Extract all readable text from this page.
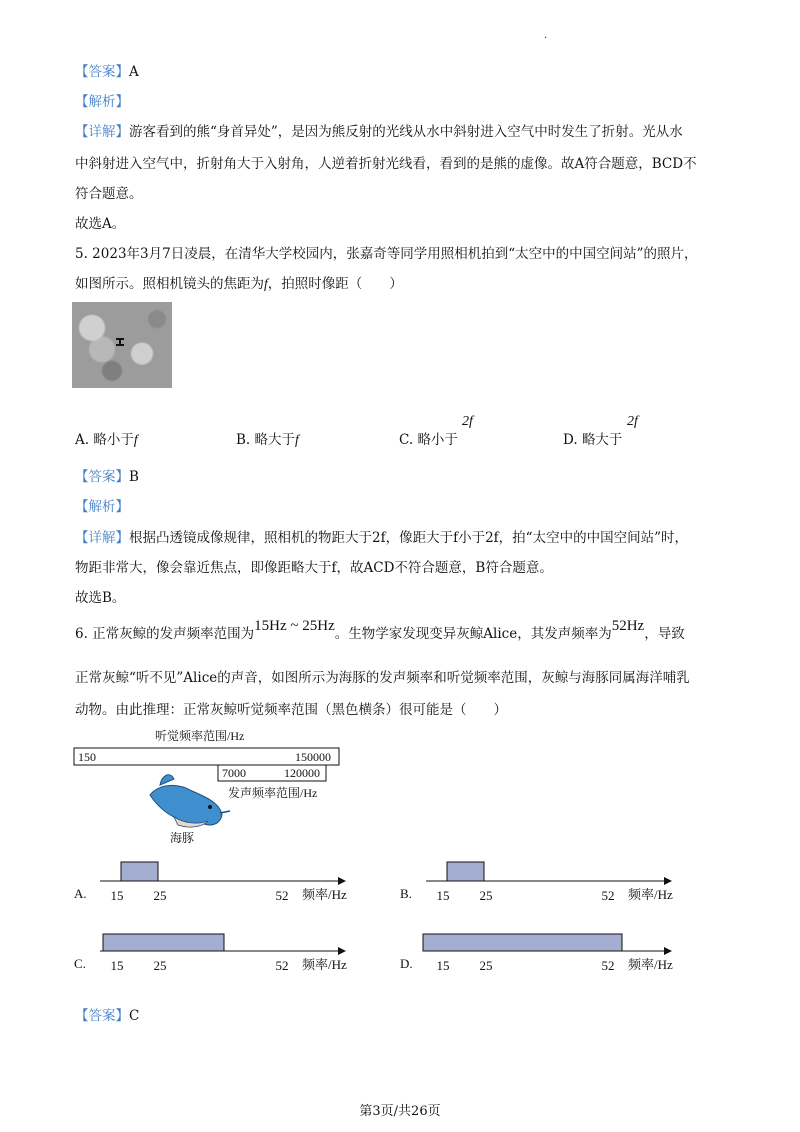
.
【答案】A
【解析】
【详解】游客看到的熊“身首异处”，是因为熊反射的光线从水中斜射进入空气中时发生了折射。光从水
中斜射进入空气中，折射角大于入射角，人逆着折射光线看，看到的是熊的虚像。故A符合题意，BCD不
符合题意。
故选A。
5. 2023年3月7日凌晨，在清华大学校园内，张嘉奇等同学用照相机拍到“太空中的中国空间站”的照片，
如图所示。照相机镜头的焦距为f，拍照时像距（　　）
A. 略小于f	B. 略大于f	C. 略小于
2f
D. 略大于
2f
【答案】B
【解析】
【详解】根据凸透镜成像规律，照相机的物距大于2f，像距大于f小于2f，拍“太空中的中国空间站”时，
物距非常大，像会靠近焦点，即像距略大于f，故ACD不符合题意，B符合题意。
故选B。
6. 正常灰鲸的发声频率范围为15Hz ~ 25Hz。生物学家发现变异灰鲸Alice，其发声频率为52Hz，导致
正常灰鲸“听不见”Alice的声音，如图所示为海豚的发声频率和听觉频率范围，灰鲸与海豚同属海洋哺乳
动物。由此推理：正常灰鲸听觉频率范围（黑色横条）很可能是（　　）
听觉频率范围/Hz
150	150000
7000	120000
发声频率范围/Hz
海豚
A. 15 25	52 频率/Hz	B. 15 25	52 频率/Hz
C. 15 25	52 频率/Hz	D. 15 25	52 频率/Hz
【答案】C
第3页/共26页
